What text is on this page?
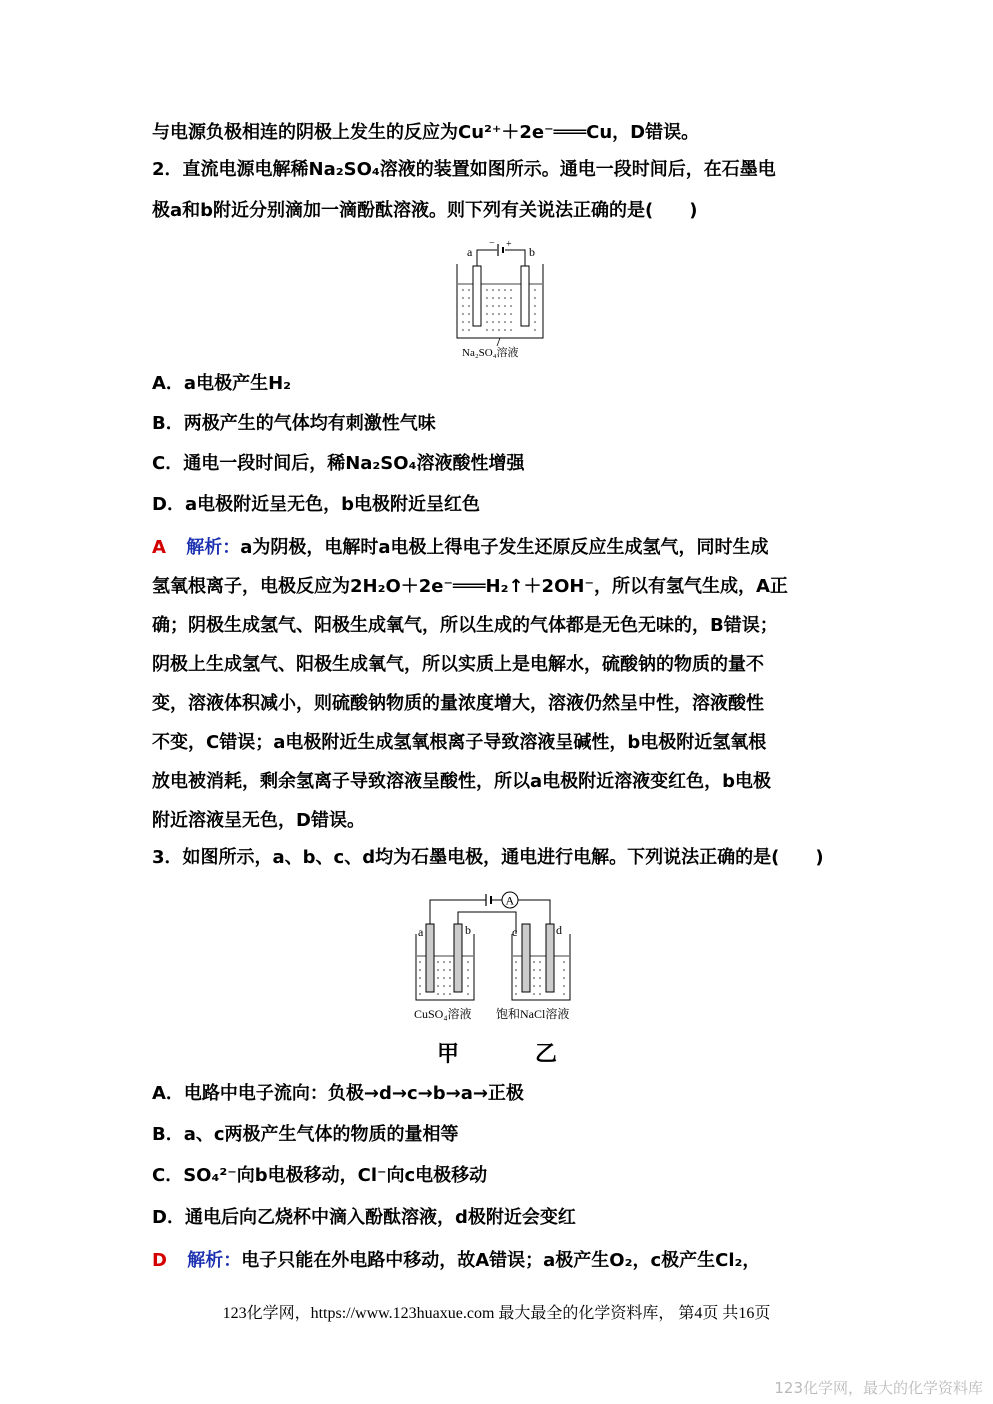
与电源负极相连的阴极上发生的反应为Cu²⁺＋2e⁻═══Cu，D错误。
2．直流电源电解稀Na₂SO₄溶液的装置如图所示。通电一段时间后，在石墨电
极a和b附近分别滴加一滴酚酞溶液。则下列有关说法正确的是(　　)
a	b
− +
Na₂SO₄溶液
A．a电极产生H₂
B．两极产生的气体均有刺激性气味
C．通电一段时间后，稀Na₂SO₄溶液酸性增强
D．a电极附近呈无色，b电极附近呈红色
A 解析：a为阴极，电解时a电极上得电子发生还原反应生成氢气，同时生成
氢氧根离子，电极反应为2H₂O＋2e⁻═══H₂↑＋2OH⁻，所以有氢气生成，A正
确；阴极生成氢气、阳极生成氧气，所以生成的气体都是无色无味的，B错误；
阴极上生成氢气、阳极生成氧气，所以实质上是电解水，硫酸钠的物质的量不
变，溶液体积减小，则硫酸钠物质的量浓度增大，溶液仍然呈中性，溶液酸性
不变，C错误；a电极附近生成氢氧根离子导致溶液呈碱性，b电极附近氢氧根
放电被消耗，剩余氢离子导致溶液呈酸性，所以a电极附近溶液变红色，b电极
附近溶液呈无色，D错误。
3．如图所示，a、b、c、d均为石墨电极，通电进行电解。下列说法正确的是(　　)
A
a	b	c	d
CuSO₄溶液 饱和NaCl溶液
甲	乙
A．电路中电子流向：负极→d→c→b→a→正极
B．a、c两极产生气体的物质的量相等
C．SO₄²⁻向b电极移动，Cl⁻向c电极移动
D．通电后向乙烧杯中滴入酚酞溶液，d极附近会变红
D 解析：电子只能在外电路中移动，故A错误；a极产生O₂，c极产生Cl₂，
123化学网，https://www.123huaxue.com 最大最全的化学资料库， 第4页 共16页
123化学网，最大的化学资料库
